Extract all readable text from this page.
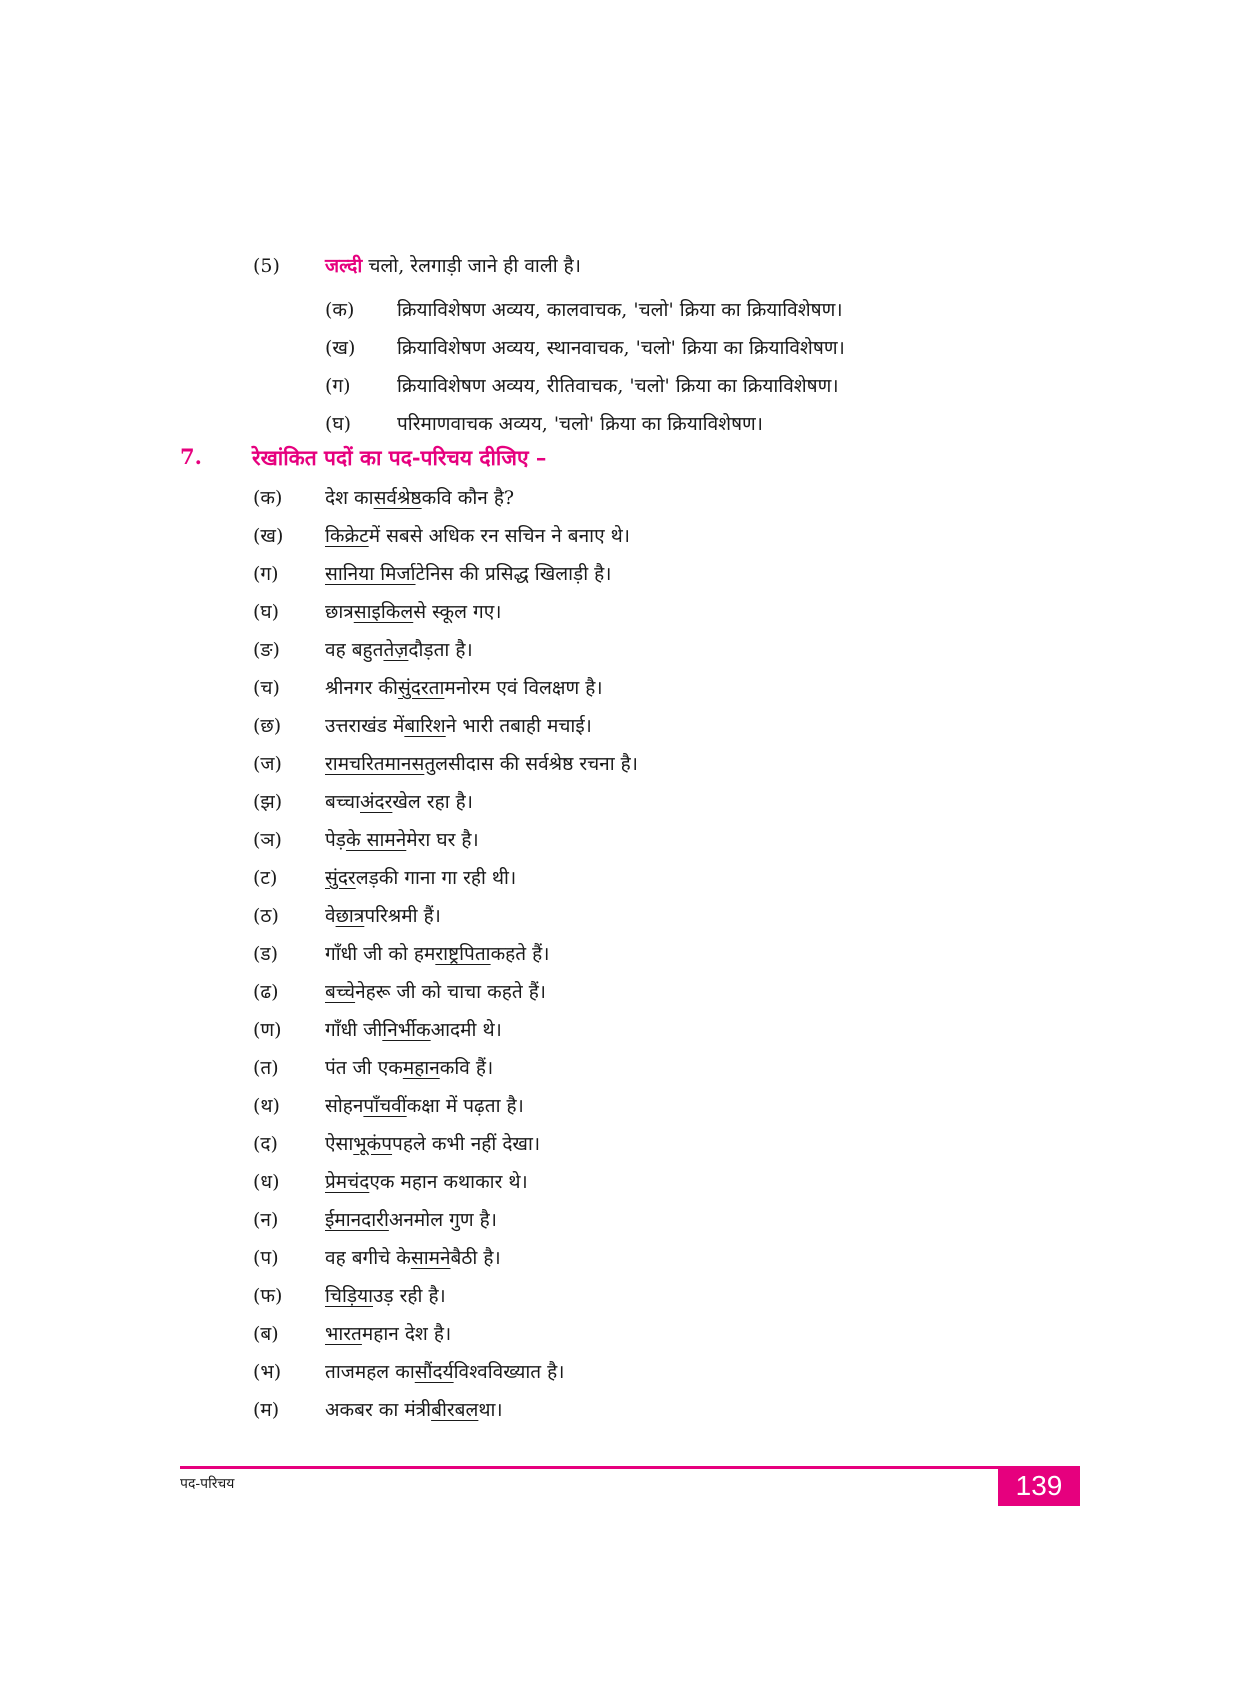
(5) जल्दी चलो, रेलगाड़ी जाने ही वाली है।
(क)	क्रियाविशेषण अव्यय, कालवाचक, 'चलो' क्रिया का क्रियाविशेषण।
(ख)	क्रियाविशेषण अव्यय, स्थानवाचक, 'चलो' क्रिया का क्रियाविशेषण।
(ग)	क्रियाविशेषण अव्यय, रीतिवाचक, 'चलो' क्रिया का क्रियाविशेषण।
(घ)	परिमाणवाचक अव्यय, 'चलो' क्रिया का क्रियाविशेषण।
7.	रेखांकित पदों का पद-परिचय दीजिए –
(क)	देश का सर्वश्रेष्ठ कवि कौन है?
(ख)	किक्रेट में सबसे अधिक रन सचिन ने बनाए थे।
(ग)	सानिया मिर्जा टेनिस की प्रसिद्ध खिलाड़ी है।
(घ)	छात्र साइकिल से स्कूल गए।
(ङ)	वह बहुत तेज़ दौड़ता है।
(च)	श्रीनगर की सुंदरता मनोरम एवं विलक्षण है।
(छ)	उत्तराखंड में बारिश ने भारी तबाही मचाई।
(ज)	रामचरितमानस तुलसीदास की सर्वश्रेष्ठ रचना है।
(झ)	बच्चा अंदर खेल रहा है।
(ञ)	पेड़ के सामने मेरा घर है।
(ट)	सुंदर लड़की गाना गा रही थी।
(ठ)	वे छात्र परिश्रमी हैं।
(ड)	गाँधी जी को हम राष्ट्रपिता कहते हैं।
(ढ)	बच्चे नेहरू जी को चाचा कहते हैं।
(ण)	गाँधी जी निर्भीक आदमी थे।
(त)	पंत जी एक महान कवि हैं।
(थ)	सोहन पाँचवीं कक्षा में पढ़ता है।
(द)	ऐसा भूकंप पहले कभी नहीं देखा।
(ध)	प्रेमचंद एक महान कथाकार थे।
(न)	ईमानदारी अनमोल गुण है।
(प)	वह बगीचे के सामने बैठी है।
(फ)	चिड़िया उड़ रही है।
(ब)	भारत महान देश है।
(भ)	ताजमहल का सौंदर्य विश्वविख्यात है।
(म)	अकबर का मंत्री बीरबल था।
पद-परिचय	139
